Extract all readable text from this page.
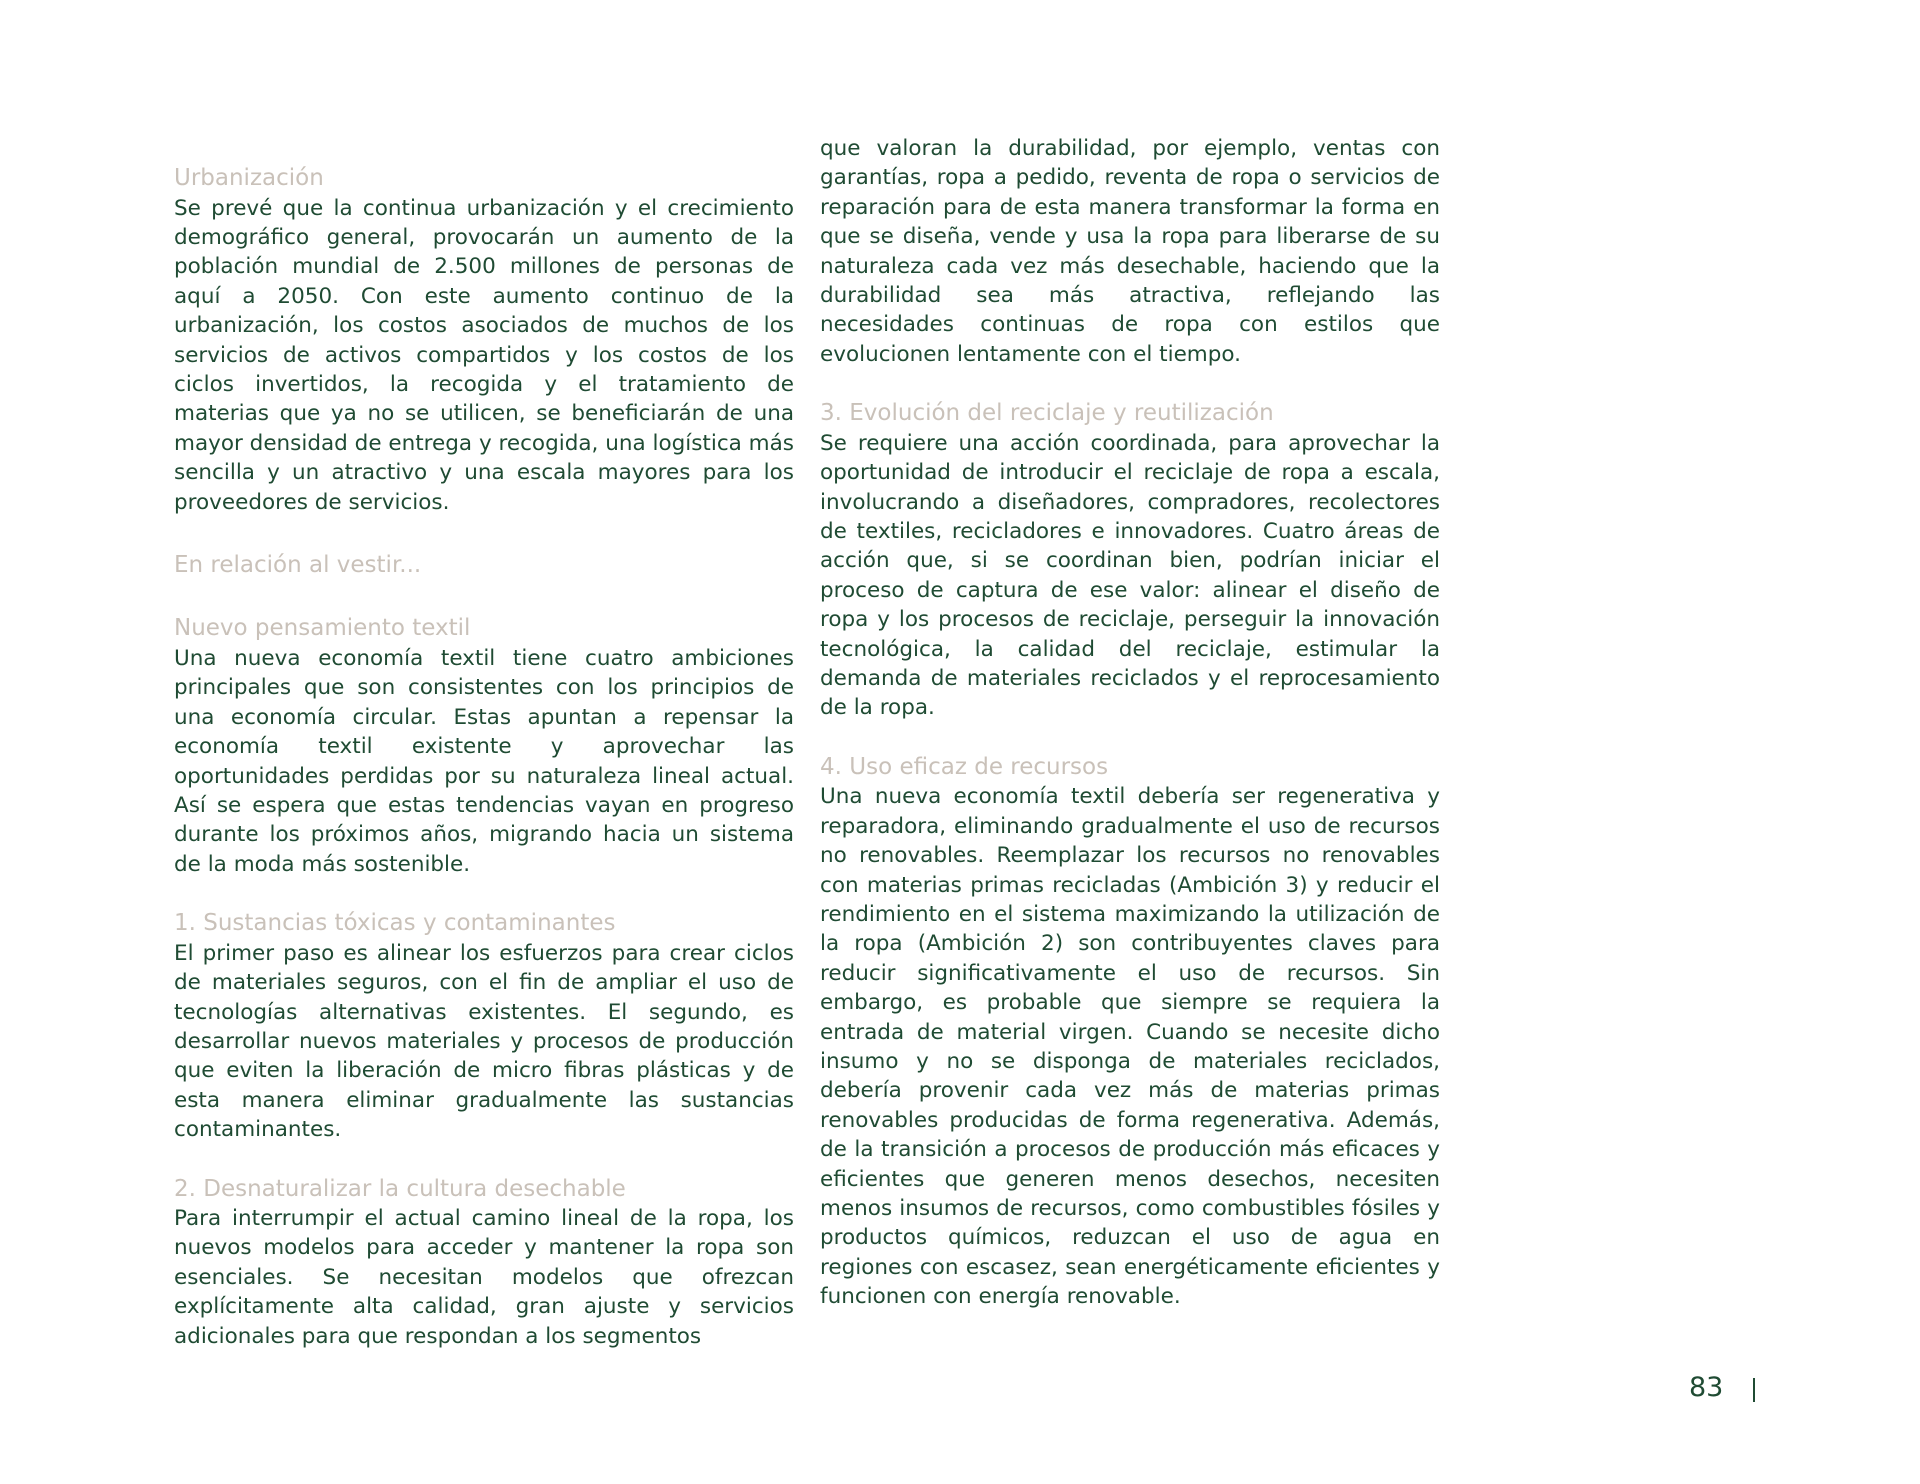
Urbanización

Se prevé que la continua urbanización y el crecimiento demográfico general, provocarán un aumento de la población mundial de 2.500 millones de personas de aquí a 2050. Con este aumento continuo de la urbanización, los costos asociados de muchos de los servicios de activos compartidos y los costos de los ciclos invertidos, la recogida y el tratamiento de materias que ya no se utilicen, se beneficiarán de una mayor densidad de entrega y recogida, una logística más sencilla y un atractivo y una escala mayores para los proveedores de servicios.

En relación al vestir...
Nuevo pensamiento textil

Una nueva economía textil tiene cuatro ambiciones principales que son consistentes con los principios de una economía circular. Estas apuntan a repensar la economía textil existente y aprovechar las oportunidades perdidas por su naturaleza lineal actual. Así se espera que estas tendencias vayan en progreso durante los próximos años, migrando hacia un sistema de la moda más sostenible.

1. Sustancias tóxicas y contaminantes

El primer paso es alinear los esfuerzos para crear ciclos de materiales seguros, con el fin de ampliar el uso de tecnologías alternativas existentes. El segundo, es desarrollar nuevos materiales y procesos de producción que eviten la liberación de micro fibras plásticas y de esta manera eliminar gradualmente las sustancias contaminantes.

2. Desnaturalizar la cultura desechable

Para interrumpir el actual camino lineal de la ropa, los nuevos modelos para acceder y mantener la ropa son esenciales. Se necesitan modelos que ofrezcan explícitamente alta calidad, gran ajuste y servicios adicionales para que respondan a los segmentos

que valoran la durabilidad, por ejemplo, ventas con garantías, ropa a pedido, reventa de ropa o servicios de reparación para de esta manera transformar la forma en que se diseña, vende y usa la ropa para liberarse de su naturaleza cada vez más desechable, haciendo que la durabilidad sea más atractiva, reflejando las necesidades continuas de ropa con estilos que evolucionen lentamente con el tiempo.

3. Evolución del reciclaje y reutilización

Se requiere una acción coordinada, para aprovechar la oportunidad de introducir el reciclaje de ropa a escala, involucrando a diseñadores, compradores, recolectores de textiles, recicladores e innovadores. Cuatro áreas de acción que, si se coordinan bien, podrían iniciar el proceso de captura de ese valor: alinear el diseño de ropa y los procesos de reciclaje, perseguir la innovación tecnológica, la calidad del reciclaje, estimular la demanda de materiales reciclados y el reprocesamiento de la ropa.

4. Uso eficaz de recursos

Una nueva economía textil debería ser regenerativa y reparadora, eliminando gradualmente el uso de recursos no renovables. Reemplazar los recursos no renovables con materias primas recicladas (Ambición 3) y reducir el rendimiento en el sistema maximizando la utilización de la ropa (Ambición 2) son contribuyentes claves para reducir significativamente el uso de recursos. Sin embargo, es probable que siempre se requiera la entrada de material virgen. Cuando se necesite dicho insumo y no se disponga de materiales reciclados, debería provenir cada vez más de materias primas renovables producidas de forma regenerativa. Además, de la transición a procesos de producción más eficaces y eficientes que generen menos desechos, necesiten menos insumos de recursos, como combustibles fósiles y productos químicos, reduzcan el uso de agua en regiones con escasez, sean energéticamente eficientes y funcionen con energía renovable.

83
